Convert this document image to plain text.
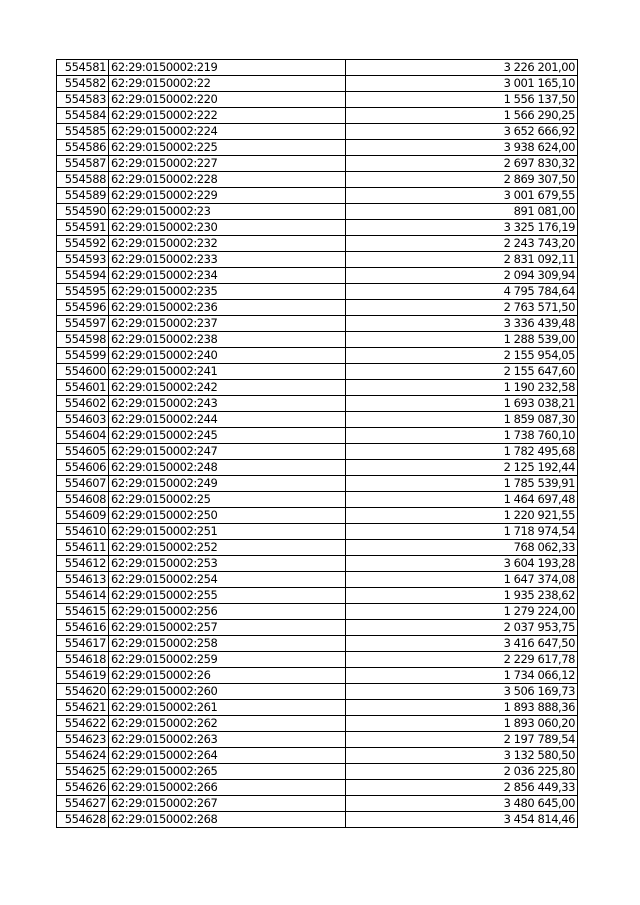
554581	62:29:0150002:219	3 226 201,00
554582	62:29:0150002:22	3 001 165,10
554583	62:29:0150002:220	1 556 137,50
554584	62:29:0150002:222	1 566 290,25
554585	62:29:0150002:224	3 652 666,92
554586	62:29:0150002:225	3 938 624,00
554587	62:29:0150002:227	2 697 830,32
554588	62:29:0150002:228	2 869 307,50
554589	62:29:0150002:229	3 001 679,55
554590	62:29:0150002:23	891 081,00
554591	62:29:0150002:230	3 325 176,19
554592	62:29:0150002:232	2 243 743,20
554593	62:29:0150002:233	2 831 092,11
554594	62:29:0150002:234	2 094 309,94
554595	62:29:0150002:235	4 795 784,64
554596	62:29:0150002:236	2 763 571,50
554597	62:29:0150002:237	3 336 439,48
554598	62:29:0150002:238	1 288 539,00
554599	62:29:0150002:240	2 155 954,05
554600	62:29:0150002:241	2 155 647,60
554601	62:29:0150002:242	1 190 232,58
554602	62:29:0150002:243	1 693 038,21
554603	62:29:0150002:244	1 859 087,30
554604	62:29:0150002:245	1 738 760,10
554605	62:29:0150002:247	1 782 495,68
554606	62:29:0150002:248	2 125 192,44
554607	62:29:0150002:249	1 785 539,91
554608	62:29:0150002:25	1 464 697,48
554609	62:29:0150002:250	1 220 921,55
554610	62:29:0150002:251	1 718 974,54
554611	62:29:0150002:252	768 062,33
554612	62:29:0150002:253	3 604 193,28
554613	62:29:0150002:254	1 647 374,08
554614	62:29:0150002:255	1 935 238,62
554615	62:29:0150002:256	1 279 224,00
554616	62:29:0150002:257	2 037 953,75
554617	62:29:0150002:258	3 416 647,50
554618	62:29:0150002:259	2 229 617,78
554619	62:29:0150002:26	1 734 066,12
554620	62:29:0150002:260	3 506 169,73
554621	62:29:0150002:261	1 893 888,36
554622	62:29:0150002:262	1 893 060,20
554623	62:29:0150002:263	2 197 789,54
554624	62:29:0150002:264	3 132 580,50
554625	62:29:0150002:265	2 036 225,80
554626	62:29:0150002:266	2 856 449,33
554627	62:29:0150002:267	3 480 645,00
554628	62:29:0150002:268	3 454 814,46
